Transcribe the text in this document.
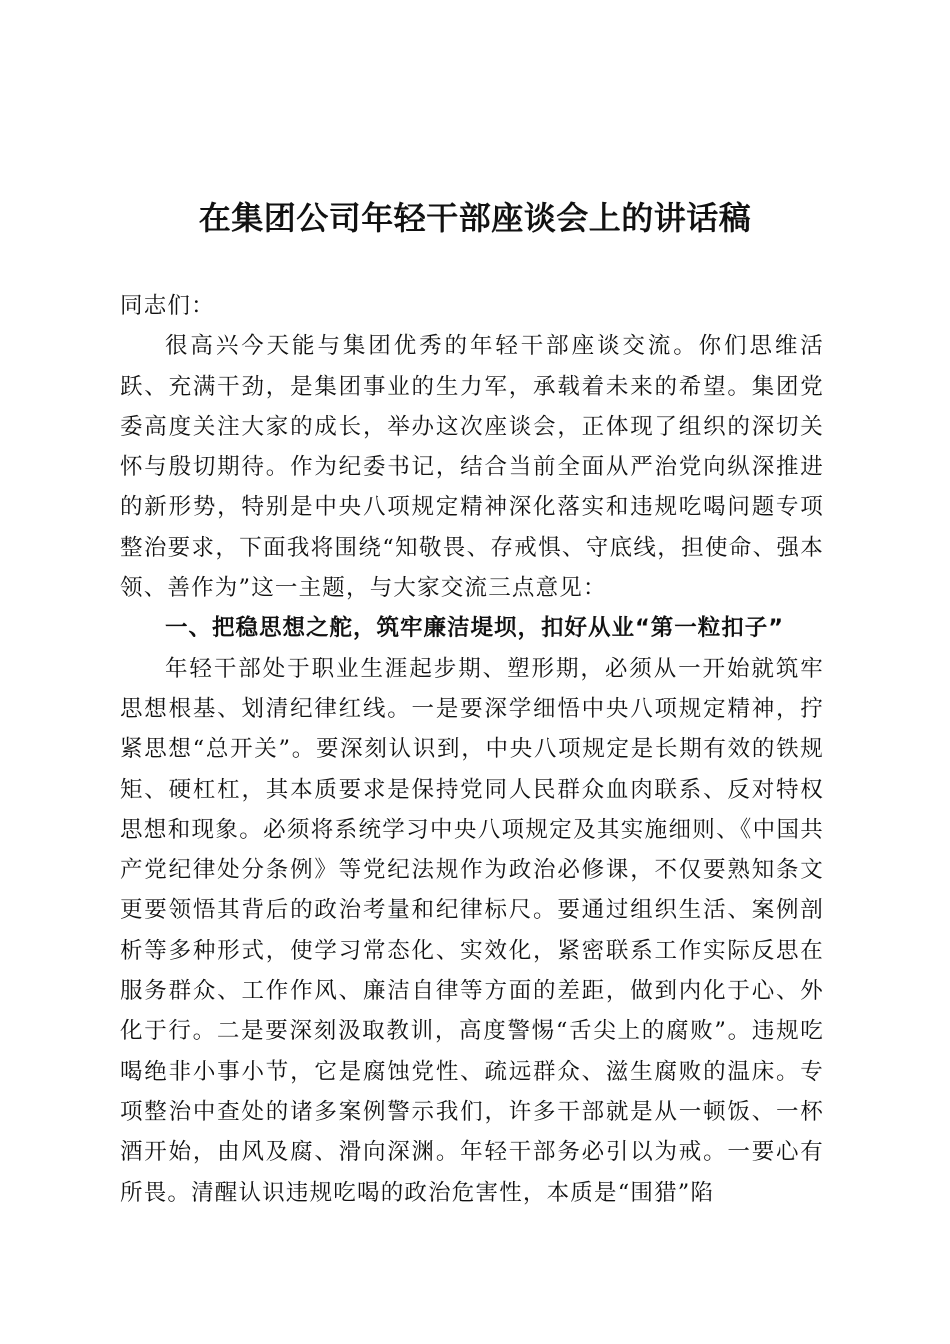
在集团公司年轻干部座谈会上的讲话稿

同志们：

很高兴今天能与集团优秀的年轻干部座谈交流。你们思维活跃、充满干劲，是集团事业的生力军，承载着未来的希望。集团党委高度关注大家的成长，举办这次座谈会，正体现了组织的深切关怀与殷切期待。作为纪委书记，结合当前全面从严治党向纵深推进的新形势，特别是中央八项规定精神深化落实和违规吃喝问题专项整治要求，下面我将围绕“知敬畏、存戒惧、守底线，担使命、强本领、善作为”这一主题，与大家交流三点意见：

一、把稳思想之舵，筑牢廉洁堤坝，扣好从业“第一粒扣子”

年轻干部处于职业生涯起步期、塑形期，必须从一开始就筑牢思想根基、划清纪律红线。一是要深学细悟中央八项规定精神，拧紧思想“总开关”。要深刻认识到，中央八项规定是长期有效的铁规矩、硬杠杠，其本质要求是保持党同人民群众血肉联系、反对特权思想和现象。必须将系统学习中央八项规定及其实施细则、《中国共产党纪律处分条例》等党纪法规作为政治必修课，不仅要熟知条文更要领悟其背后的政治考量和纪律标尺。要通过组织生活、案例剖析等多种形式，使学习常态化、实效化，紧密联系工作实际反思在服务群众、工作作风、廉洁自律等方面的差距，做到内化于心、外化于行。二是要深刻汲取教训，高度警惕“舌尖上的腐败”。违规吃喝绝非小事小节，它是腐蚀党性、疏远群众、滋生腐败的温床。专项整治中查处的诸多案例警示我们，许多干部就是从一顿饭、一杯酒开始，由风及腐、滑向深渊。年轻干部务必引以为戒。一要心有所畏。清醒认识违规吃喝的政治危害性，本质是“围猎”陷
